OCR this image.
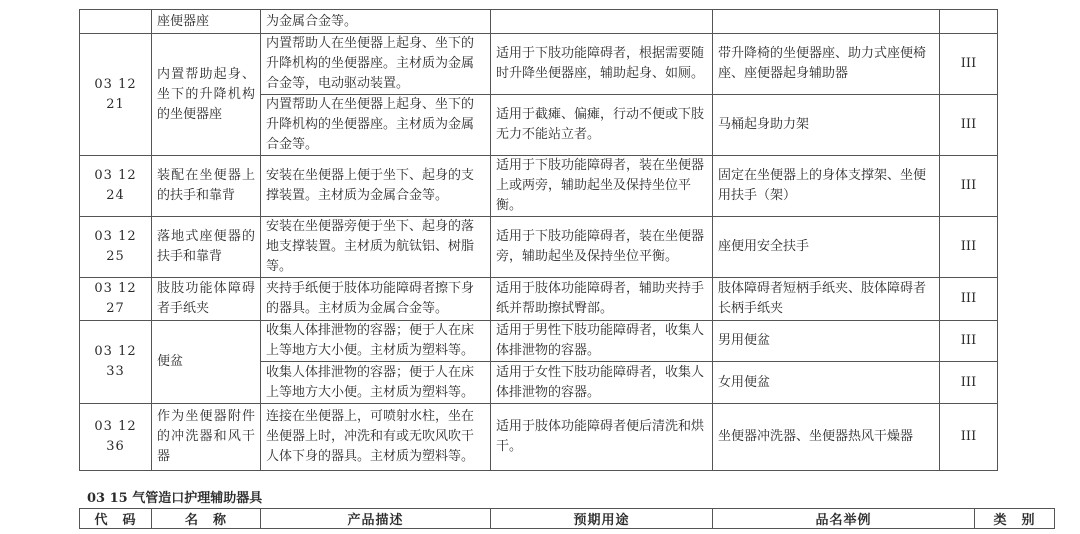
	座便器座	为金属合金等。			

03 12 21	内置帮助起身、坐下的升降机构的坐便器座	内置帮助人在坐便器上起身、坐下的升降机构的坐便器座。主材质为金属合金等，电动驱动装置。	适用于下肢功能障碍者，根据需要随时升降坐便器座，辅助起身、如厕。	带升降椅的坐便器座、助力式座便椅座、座便器起身辅助器	III

		内置帮助人在坐便器上起身、坐下的升降机构的坐便器座。主材质为金属合金等。	适用于截瘫、偏瘫，行动不便或下肢无力不能站立者。	马桶起身助力架	III
03 12 24	装配在坐便器上的扶手和靠背	安装在坐便器上便于坐下、起身的支撑装置。主材质为金属合金等。	适用于下肢功能障碍者，装在坐便器上或两旁，辅助起坐及保持坐位平衡。	固定在坐便器上的身体支撑架、坐便用扶手（架）	III
03 12 25	落地式座便器的扶手和靠背	安装在坐便器旁便于坐下、起身的落地支撑装置。主材质为航钛铝、树脂等。	适用于下肢功能障碍者，装在坐便器旁，辅助起坐及保持坐位平衡。	座便用安全扶手	III
03 12 27	肢肢功能体障碍者手纸夹	夹持手纸便于肢体功能障碍者擦下身的器具。主材质为金属合金等。	适用于肢体功能障碍者，辅助夹持手纸并帮助擦拭臀部。	肢体障碍者短柄手纸夹、肢体障碍者长柄手纸夹	III
03 12 33	便盆	收集人体排泄物的容器；便于人在床上等地方大小便。主材质为塑料等。	适用于男性下肢功能障碍者，收集人体排泄物的容器。	男用便盆	III

		收集人体排泄物的容器；便于人在床上等地方大小便。主材质为塑料等。	适用于女性下肢功能障碍者，收集人体排泄物的容器。	女用便盆	III
03 12 36	作为坐便器附件的冲洗器和风干器	连接在坐便器上，可喷射水柱，坐在坐便器上时，冲洗和有或无吹风吹干人体下身的器具。主材质为塑料等。	适用于肢体功能障碍者便后清洗和烘干。	坐便器冲洗器、坐便器热风干燥器	III
03 15 气管造口护理辅助器具
代　码	名　称	产品描述	预期用途	品名举例	类　别
